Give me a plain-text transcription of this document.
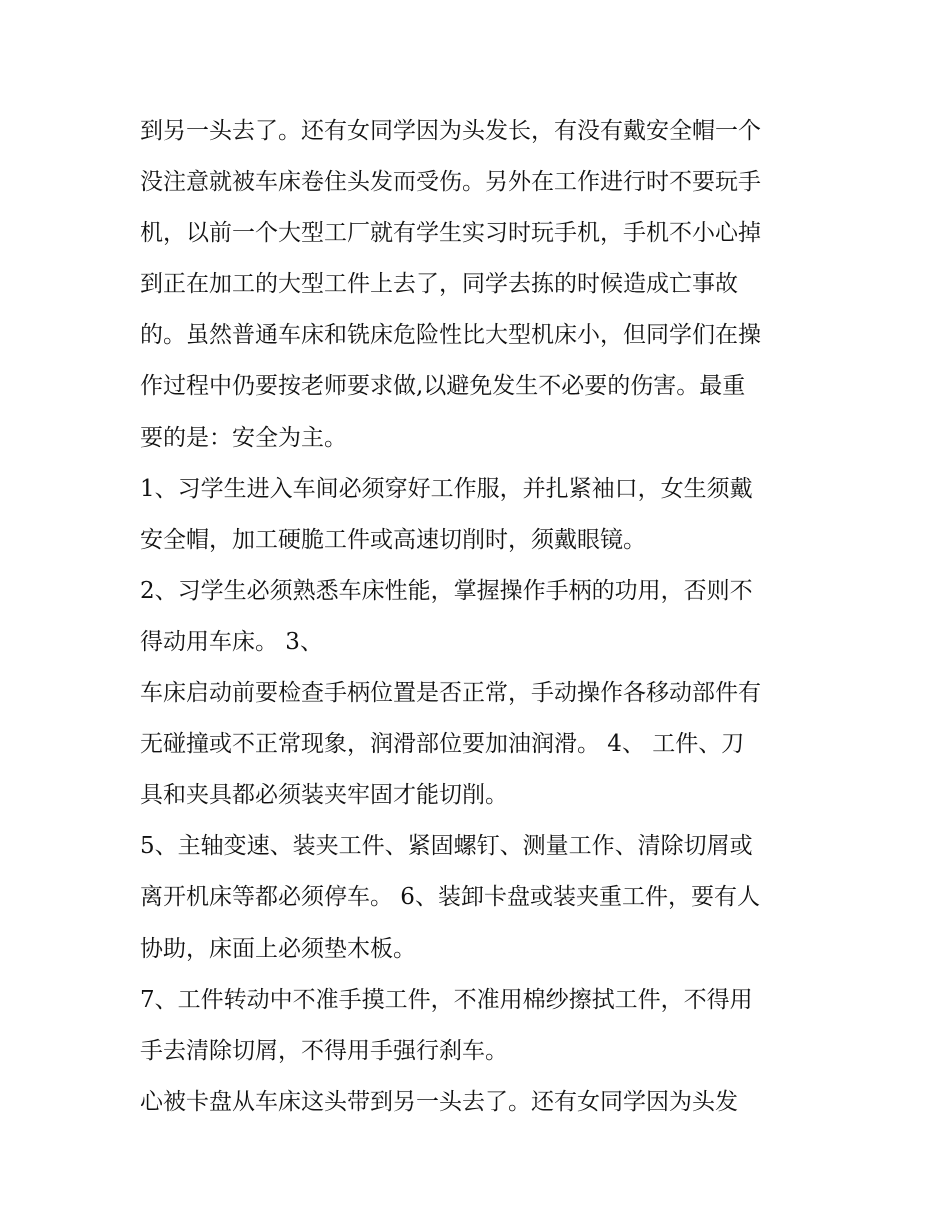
到另一头去了。还有女同学因为头发长，有没有戴安全帽一个
没注意就被车床卷住头发而受伤。另外在工作进行时不要玩手
机，以前一个大型工厂就有学生实习时玩手机，手机不小心掉
到正在加工的大型工件上去了，同学去拣的时候造成亡事故
的。虽然普通车床和铣床危险性比大型机床小，但同学们在操
作过程中仍要按老师要求做,以避免发生不必要的伤害。最重
要的是：安全为主。
1、习学生进入车间必须穿好工作服，并扎紧袖口，女生须戴
安全帽，加工硬脆工件或高速切削时，须戴眼镜。
2、习学生必须熟悉车床性能，掌握操作手柄的功用，否则不
得动用车床。 3、
车床启动前要检查手柄位置是否正常，手动操作各移动部件有
无碰撞或不正常现象，润滑部位要加油润滑。 4、 工件、刀
具和夹具都必须装夹牢固才能切削。
5、主轴变速、装夹工件、紧固螺钉、测量工作、清除切屑或
离开机床等都必须停车。 6、装卸卡盘或装夹重工件，要有人
协助，床面上必须垫木板。
7、工件转动中不准手摸工件，不准用棉纱擦拭工件，不得用
手去清除切屑，不得用手强行刹车。
心被卡盘从车床这头带到另一头去了。还有女同学因为头发
